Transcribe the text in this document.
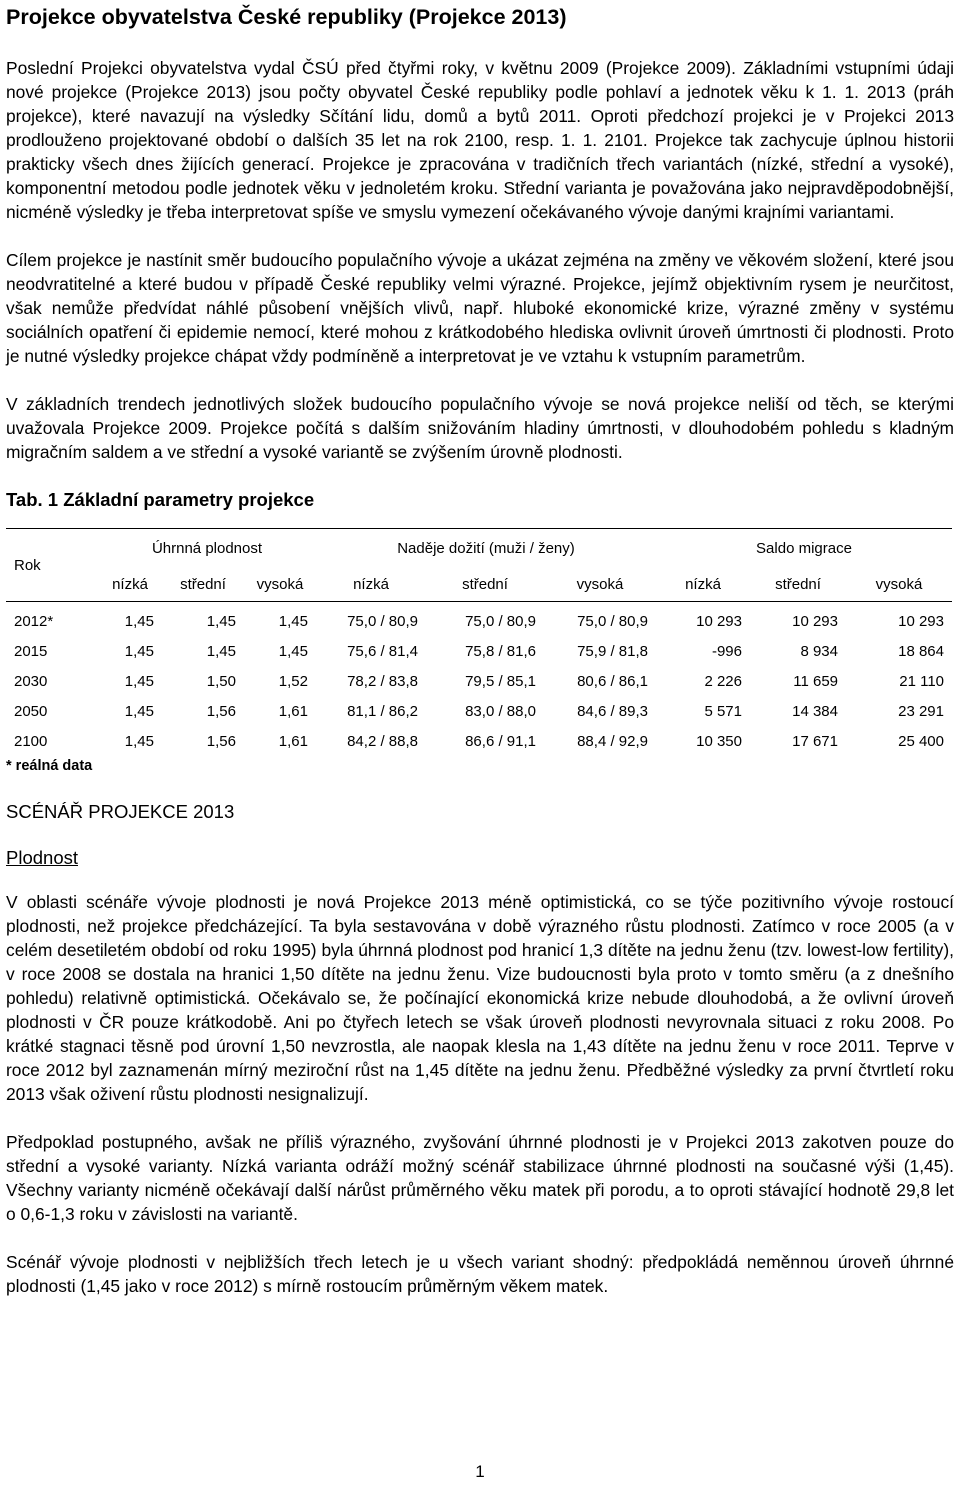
Projekce obyvatelstva České republiky (Projekce 2013)

Poslední Projekci obyvatelstva vydal ČSÚ před čtyřmi roky, v květnu 2009 (Projekce 2009). Základními vstupními údaji nové projekce (Projekce 2013) jsou počty obyvatel České republiky podle pohlaví a jednotek věku k 1. 1. 2013 (práh projekce), které navazují na výsledky Sčítání lidu, domů a bytů 2011. Oproti předchozí projekci je v Projekci 2013 prodlouženo projektované období o dalších 35 let na rok 2100, resp. 1. 1. 2101. Projekce tak zachycuje úplnou historii prakticky všech dnes žijících generací. Projekce je zpracována v tradičních třech variantách (nízké, střední a vysoké), komponentní metodou podle jednotek věku v jednoletém kroku. Střední varianta je považována jako nejpravděpodobnější, nicméně výsledky je třeba interpretovat spíše ve smyslu vymezení očekávaného vývoje danými krajními variantami.

Cílem projekce je nastínit směr budoucího populačního vývoje a ukázat zejména na změny ve věkovém složení, které jsou neodvratitelné a které budou v případě České republiky velmi výrazné. Projekce, jejímž objektivním rysem je neurčitost, však nemůže předvídat náhlé působení vnějších vlivů, např. hluboké ekonomické krize, výrazné změny v systému sociálních opatření či epidemie nemocí, které mohou z krátkodobého hlediska ovlivnit úroveň úmrtnosti či plodnosti. Proto je nutné výsledky projekce chápat vždy podmíněně a interpretovat je ve vztahu k vstupním parametrům.

V základních trendech jednotlivých složek budoucího populačního vývoje se nová projekce neliší od těch, se kterými uvažovala Projekce 2009. Projekce počítá s dalším snižováním hladiny úmrtnosti, v dlouhodobém pohledu s kladným migračním saldem a ve střední a vysoké variantě se zvýšením úrovně plodnosti.

Tab. 1 Základní parametry projekce
Rok	Úhrnná plodnost			Naděje dožití (muži / ženy)			Saldo migrace		
	nízká	střední	vysoká	nízká	střední	vysoká	nízká	střední	vysoká

2012*	1,45	1,45	1,45	75,0 / 80,9	75,0 / 80,9	75,0 / 80,9	10 293	10 293	10 293
2015	1,45	1,45	1,45	75,6 / 81,4	75,8 / 81,6	75,9 / 81,8	-996	8 934	18 864
2030	1,45	1,50	1,52	78,2 / 83,8	79,5 / 85,1	80,6 / 86,1	2 226	11 659	21 110
2050	1,45	1,56	1,61	81,1 / 86,2	83,0 / 88,0	84,6 / 89,3	5 571	14 384	23 291
2100	1,45	1,56	1,61	84,2 / 88,8	86,6 / 91,1	88,4 / 92,9	10 350	17 671	25 400
* reálná data
SCÉNÁŘ PROJEKCE 2013
Plodnost

V oblasti scénáře vývoje plodnosti je nová Projekce 2013 méně optimistická, co se týče pozitivního vývoje rostoucí plodnosti, než projekce předcházející. Ta byla sestavována v době výrazného růstu plodnosti. Zatímco v roce 2005 (a v celém desetiletém období od roku 1995) byla úhrnná plodnost pod hranicí 1,3 dítěte na jednu ženu (tzv. lowest-low fertility), v roce 2008 se dostala na hranici 1,50 dítěte na jednu ženu. Vize budoucnosti byla proto v tomto směru (a z dnešního pohledu) relativně optimistická. Očekávalo se, že počínající ekonomická krize nebude dlouhodobá, a že ovlivní úroveň plodnosti v ČR pouze krátkodobě. Ani po čtyřech letech se však úroveň plodnosti nevyrovnala situaci z roku 2008. Po krátké stagnaci těsně pod úrovní 1,50 nevzrostla, ale naopak klesla na 1,43 dítěte na jednu ženu v roce 2011. Teprve v roce 2012 byl zaznamenán mírný meziroční růst na 1,45 dítěte na jednu ženu. Předběžné výsledky za první čtvrtletí roku 2013 však oživení růstu plodnosti nesignalizují.

Předpoklad postupného, avšak ne příliš výrazného, zvyšování úhrnné plodnosti je v Projekci 2013 zakotven pouze do střední a vysoké varianty. Nízká varianta odráží možný scénář stabilizace úhrnné plodnosti na současné výši (1,45). Všechny varianty nicméně očekávají další nárůst průměrného věku matek při porodu, a to oproti stávající hodnotě 29,8 let o 0,6-1,3 roku v závislosti na variantě.

Scénář vývoje plodnosti v nejbližších třech letech je u všech variant shodný: předpokládá neměnnou úroveň úhrnné plodnosti (1,45 jako v roce 2012) s mírně rostoucím průměrným věkem matek.

1
